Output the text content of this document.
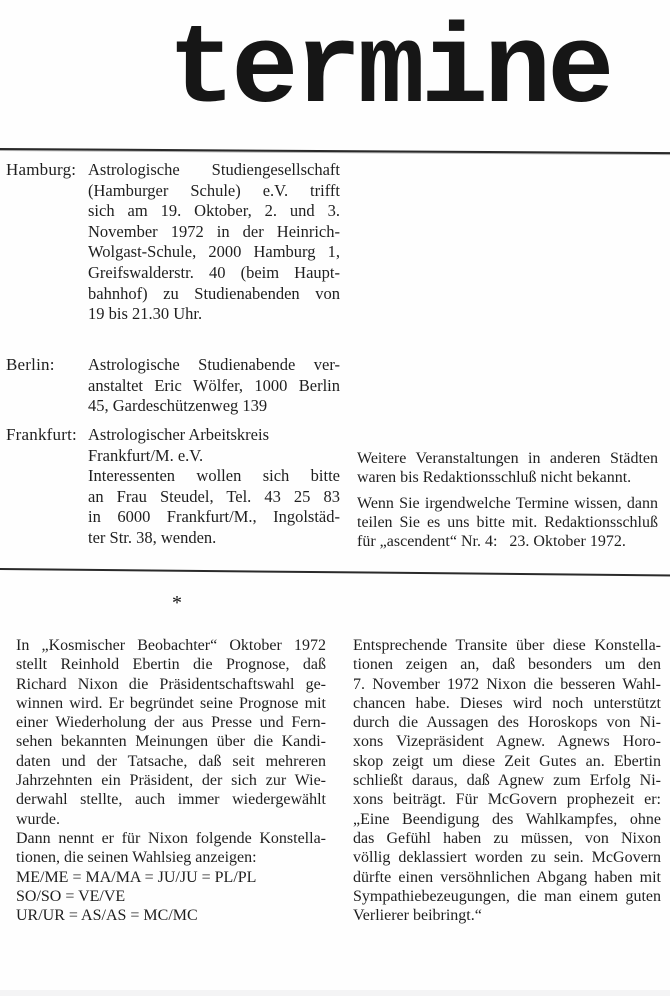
termine
Hamburg: Astrologische Studiengesellschaft
(Hamburger Schule) e.V. trifft
sich am 19. Oktober, 2. und 3.
November 1972 in der Heinrich-
Wolgast-Schule, 2000 Hamburg 1,
Greifswalderstr. 40 (beim Haupt-
bahnhof) zu Studienabenden von
19 bis 21.30 Uhr.
Berlin:	Astrologische Studienabende ver-
anstaltet Eric Wölfer, 1000 Berlin
45, Gardeschützenweg 139
Frankfurt: Astrologischer Arbeitskreis
Frankfurt/M. e.V.
Interessenten wollen sich bitte
an Frau Steudel, Tel. 43 25 83
in 6000 Frankfurt/M., Ingolstäd-
ter Str. 38, wenden.
Weitere Veranstaltungen in anderen Städten
waren bis Redaktionsschluß nicht bekannt.
Wenn Sie irgendwelche Termine wissen, dann
teilen Sie es uns bitte mit. Redaktionsschluß
für „ascendent“ Nr. 4:  23. Oktober 1972.
*
In „Kosmischer Beobachter“ Oktober 1972
stellt Reinhold Ebertin die Prognose, daß
Richard Nixon die Präsidentschaftswahl ge-
winnen wird. Er begründet seine Prognose mit
einer Wiederholung der aus Presse und Fern-
sehen bekannten Meinungen über die Kandi-
daten und der Tatsache, daß seit mehreren
Jahrzehnten ein Präsident, der sich zur Wie-
derwahl stellte, auch immer wiedergewählt
wurde.
Dann nennt er für Nixon folgende Konstella-
tionen, die seinen Wahlsieg anzeigen:
ME/ME = MA/MA = JU/JU = PL/PL
SO/SO = VE/VE
UR/UR = AS/AS = MC/MC
Entsprechende Transite über diese Konstella-
tionen zeigen an, daß besonders um den
7. November 1972 Nixon die besseren Wahl-
chancen habe. Dieses wird noch unterstützt
durch die Aussagen des Horoskops von Ni-
xons Vizepräsident Agnew. Agnews Horo-
skop zeigt um diese Zeit Gutes an. Ebertin
schließt daraus, daß Agnew zum Erfolg Ni-
xons beiträgt. Für McGovern prophezeit er:
„Eine Beendigung des Wahlkampfes, ohne
das Gefühl haben zu müssen, von Nixon
völlig deklassiert worden zu sein. McGovern
dürfte einen versöhnlichen Abgang haben mit
Sympathiebezeugungen, die man einem guten
Verlierer beibringt.“
